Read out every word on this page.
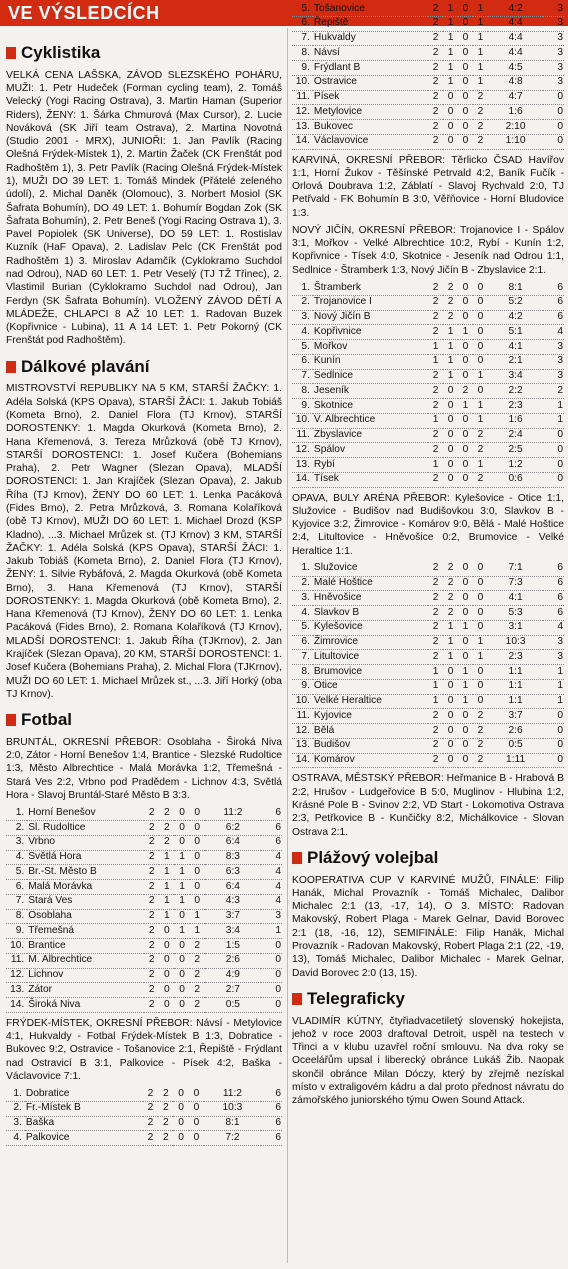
VE VÝSLEDCÍCH
Cyklistika

VELKÁ CENA LAŠSKA, ZÁVOD SLEZSKÉHO POHÁRU, MUŽI: 1. Petr Hudeček (Forman cycling team), 2. Tomáš Velecký (Yogi Racing Ostrava), 3. Martin Haman (Superior Riders), ŽENY: 1. Šárka Chmurová (Max Cursor), 2. Lucie Nováková (SK Jiří team Ostrava), 2. Martina Novotná (Studio 2001 - MRX), JUNIOŘI: 1. Jan Pavlík (Racing Olešná Frýdek-Místek 1), 2. Martin Žaček (CK Frenštát pod Radhoštěm 1), 3. Petr Pavlík (Racing Olešná Frýdek-Místek 1), MUŽI DO 39 LET: 1. Tomáš Mindek (Přátelé zeleného údolí), 2. Michal Daněk (Olomouc), 3. Norbert Mosiol (SK Šafrata Bohumín), DO 49 LET: 1. Bohumír Bogdan Zok (SK Šafrata Bohumín), 2. Petr Beneš (Yogi Racing Ostrava 1), 3. Pavel Popiolek (SK Universe), DO 59 LET: 1. Rostislav Kuzník (HaF Opava), 2. Ladislav Pelc (CK Frenštát pod Radhoštěm 1) 3. Miroslav Adamčík (Cyklokramo Suchdol nad Odrou), NAD 60 LET: 1. Petr Veselý (TJ TŽ Třinec), 2. Vlastimil Burian (Cyklokramo Suchdol nad Odrou), Jan Ferdyn (SK Šafrata Bohumín). VLOŽENÝ ZÁVOD DĚTÍ A MLÁDEŽE, CHLAPCI 8 AŽ 10 LET: 1. Radovan Buzek (Kopřivnice - Lubina), 11 A 14 LET: 1. Petr Pokorný (CK Frenštát pod Radhoštěm).

Dálkové plavání

MISTROVSTVÍ REPUBLIKY NA 5 KM, STARŠÍ ŽAČKY: 1. Adéla Solská (KPS Opava), STARŠÍ ŽÁCI: 1. Jakub Tobiáš (Kometa Brno), 2. Daniel Flora (TJ Krnov), STARŠÍ DOROSTENKY: 1. Magda Okurková (Kometa Brno), 2. Hana Křemenová, 3. Tereza Mrůzková (obě TJ Krnov), STARŠÍ DOROSTENCI: 1. Josef Kučera (Bohemians Praha), 2. Petr Wagner (Slezan Opava), MLADŠÍ DOROSTENCI: 1. Jan Krajíček (Slezan Opava), 2. Jakub Říha (TJ Krnov), ŽENY DO 60 LET: 1. Lenka Pacáková (Fides Brno), 2. Petra Mrůzková, 3. Romana Kolaříková (obě TJ Krnov), MUŽI DO 60 LET: 1. Michael Drozd (KSP Kladno), ...3. Michael Mrůzek st. (TJ Krnov) 3 KM, STARŠÍ ŽAČKY: 1. Adéla Solská (KPS Opava), STARŠÍ ŽÁCI: 1. Jakub Tobiáš (Kometa Brno), 2. Daniel Flora (TJ Krnov), ŽENY: 1. Silvie Rybáfová, 2. Magda Okurková (obě Kometa Brno), 3. Hana Křemenová (TJ Krnov), STARŠÍ DOROSTENKY: 1. Magda Okurková (obě Kometa Brno), 2. Hana Křemenová (TJ Krnov), ŽENY DO 60 LET: 1. Lenka Pacáková (Fides Brno), 2. Romana Kolaříková (TJ Krnov), MLADŠÍ DOROSTENCI: 1. Jakub Říha (TJKrnov), 2. Jan Krajíček (Slezan Opava), 20 KM, STARŠÍ DOROSTENCI: 1. Josef Kučera (Bohemians Praha), 2. Michal Flora (TJKrnov), MUŽI DO 60 LET: 1. Michael Mrůzek st., ...3. Jiří Horký (oba TJ Krnov).

Fotbal

BRUNTÁL, OKRESNÍ PŘEBOR: Osoblaha - Široká Niva 2:0, Zátor - Horní Benešov 1:4, Brantice - Slezské Rudoltice 1:3, Město Albrechtice - Malá Morávka 1:2, Třemešná - Stará Ves 2:2, Vrbno pod Pradědem - Lichnov 4:3, Světlá Hora - Slavoj Bruntál-Staré Město B 3:3.

1.	Horní Benešov	2	2	0	0	11:2	6
2.	Sl. Rudoltice	2	2	0	0	6:2	6
3.	Vrbno	2	2	0	0	6:4	6
4.	Světlá Hora	2	1	1	0	8:3	4
5.	Br.-St. Město B	2	1	1	0	6:3	4
6.	Malá Morávka	2	1	1	0	6:4	4
7.	Stará Ves	2	1	1	0	4:3	4
8.	Osoblaha	2	1	0	1	3:7	3
9.	Třemešná	2	0	1	1	3:4	1
10.	Brantice	2	0	0	2	1:5	0
11.	M. Albrechtice	2	0	0	2	2:6	0
12.	Lichnov	2	0	0	2	4:9	0
13.	Zátor	2	0	0	2	2:7	0
14.	Široká Niva	2	0	0	2	0:5	0

FRÝDEK-MÍSTEK, OKRESNÍ PŘEBOR: Návsí - Metylovice 4:1, Hukvaldy - Fotbal Frýdek-Místek B 1:3, Dobratice - Bukovec 9:2, Ostravice - Tošanovice 2:1, Řepiště - Frýdlant nad Ostravicí B 3:1, Palkovice - Písek 4:2, Baška - Václavovice 7:1.

1.	Dobratice	2	2	0	0	11:2	6
2.	Fr.-Místek B	2	2	0	0	10:3	6
3.	Baška	2	2	0	0	8:1	6
4.	Palkovice	2	2	0	0	7:2	6
5.	Tošanovice	2	1	0	1	4:2	3
6.	Řepiště	2	1	0	1	4:4	3
7.	Hukvaldy	2	1	0	1	4:4	3
8.	Návsí	2	1	0	1	4:4	3
9.	Frýdlant B	2	1	0	1	4:5	3
10.	Ostravice	2	1	0	1	4:8	3
11.	Písek	2	0	0	2	4:7	0
12.	Metylovice	2	0	0	2	1:6	0
13.	Bukovec	2	0	0	2	2:10	0
14.	Václavovice	2	0	0	2	1:10	0

KARVINÁ, OKRESNÍ PŘEBOR: Těrlicko ČSAD Havířov 1:1, Horní Žukov - Těšínské Petrvald 4:2, Baník Fučík - Orlová Doubrava 1:2, Záblatí - Slavoj Rychvald 2:0, TJ Petřvald - FK Bohumín B 3:0, Věřňovice - Horní Bludovice 1:3.

NOVÝ JIČÍN, OKRESNÍ PŘEBOR: Trojanovice I - Spálov 3:1, Mořkov - Velké Albrechtice 10:2, Rybí - Kunín 1:2, Kopřivnice - Tísek 4:0, Skotnice - Jeseník nad Odrou 1:1, Sedlnice - Štramberk 1:3, Nový Jičín B - Zbyslavice 2:1.

1.	Štramberk	2	2	0	0	8:1	6
2.	Trojanovice I	2	2	0	0	5:2	6
3.	Nový Jičín B	2	2	0	0	4:2	6
4.	Kopřivnice	2	1	1	0	5:1	4
5.	Mořkov	1	1	0	0	4:1	3
6.	Kunín	1	1	0	0	2:1	3
7.	Sedlnice	2	1	0	1	3:4	3
8.	Jeseník	2	0	2	0	2:2	2
9.	Skotnice	2	0	1	1	2:3	1
10.	V. Albrechtice	1	0	0	1	1:6	1
11.	Zbyslavice	2	0	0	2	2:4	0
12.	Spálov	2	0	0	2	2:5	0
13.	Rybí	1	0	0	1	1:2	0
14.	Tísek	2	0	0	2	0:6	0

OPAVA, BULY ARÉNA PŘEBOR: Kylešovice - Otice 1:1, Služovice - Budišov nad Budišovkou 3:0, Slavkov B - Kyjovice 3:2, Žimrovice - Komárov 9:0, Bělá - Malé Hoštice 2:4, Litultovice - Hněvošice 0:2, Brumovice - Velké Heraltice 1:1.

1.	Služovice	2	2	0	0	7:1	6
2.	Malé Hoštice	2	2	0	0	7:3	6
3.	Hněvošice	2	2	0	0	4:1	6
4.	Slavkov B	2	2	0	0	5:3	6
5.	Kylešovice	2	1	1	0	3:1	4
6.	Žimrovice	2	1	0	1	10:3	3
7.	Litultovice	2	1	0	1	2:3	3
8.	Brumovice	1	0	1	0	1:1	1
9.	Otice	1	0	1	0	1:1	1
10.	Velké Heraltice	1	0	1	0	1:1	1
11.	Kyjovice	2	0	0	2	3:7	0
12.	Bělá	2	0	0	2	2:6	0
13.	Budišov	2	0	0	2	0:5	0
14.	Komárov	2	0	0	2	1:11	0

OSTRAVA, MĚSTSKÝ PŘEBOR: Heřmanice B - Hrabová B 2:2, Hrušov - Ludgeřovice B 5:0, Muglinov - Hlubina 1:2, Krásné Pole B - Svinov 2:2, VD Start - Lokomotiva Ostrava 2:3, Petřkovice B - Kunčičky 8:2, Michálkovice - Slovan Ostrava 2:1.

Plážový volejbal

KOOPERATIVA CUP V KARVINÉ MUŽŮ, FINÁLE: Filip Hanák, Michal Provazník - Tomáš Michalec, Dalibor Michalec 2:1 (13, -17, 14), O 3. MÍSTO: Radovan Makovský, Robert Plaga - Marek Gelnar, David Borovec 2:1 (18, -16, 12), SEMIFINÁLE: Filip Hanák, Michal Provazník - Radovan Makovský, Robert Plaga 2:1 (22, -19, 13), Tomáš Michalec, Dalibor Michalec - Marek Gelnar, David Borovec 2:0 (13, 15).

Telegraficky

VLADIMÍR KÚTNY, čtyřiadvacetiletý slovenský hokejista, jehož v roce 2003 draftoval Detroit, uspěl na testech v Třinci a v klubu uzavřel roční smlouvu. Na dva roky se Oceelářům upsal i liberecký obránce Lukáš Žib. Naopak skončil obránce Milan Dóczy, který by zřejmě nezískal místo v extraligovém kádru a dal proto přednost návratu do zámořského juniorského týmu Owen Sound Attack.
